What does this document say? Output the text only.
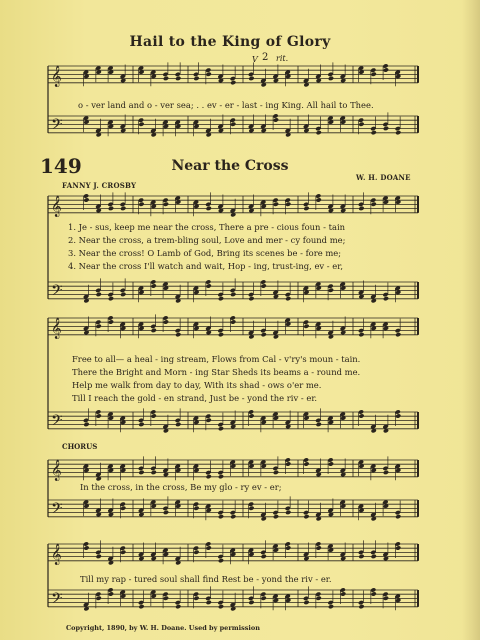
𝄞
𝄢
𝄞
𝄢
𝄞
𝄢
𝄞
𝄢
𝄞
𝄢
Hail to the King of Glory
V 2 rit.
o - ver land and o - ver sea; . . ev - er - last - ing King. All hail to Thee.
149	Near the Cross
FANNY J. CROSBY
W. H. DOANE
1. Je - sus, keep me near the cross, There a pre - cious foun - tain
2. Near the cross, a trem-bling soul, Love and mer - cy found me;
3. Near the cross! O Lamb of God, Bring its scenes be - fore me;
4. Near the cross I'll watch and wait, Hop - ing, trust-ing, ev - er,
Free to all— a heal - ing stream, Flows from Cal - v'ry's moun - tain.
There the Bright and Morn - ing Star Sheds its beams a - round me.
Help me walk from day to day, With its shad - ows o'er me.
Till I reach the gold - en strand, Just be - yond the riv - er.
CHORUS
In the cross, in the cross, Be my glo - ry ev - er;
Till my rap - tured soul shall find Rest be - yond the riv - er.
Copyright, 1890, by W. H. Doane. Used by permission
